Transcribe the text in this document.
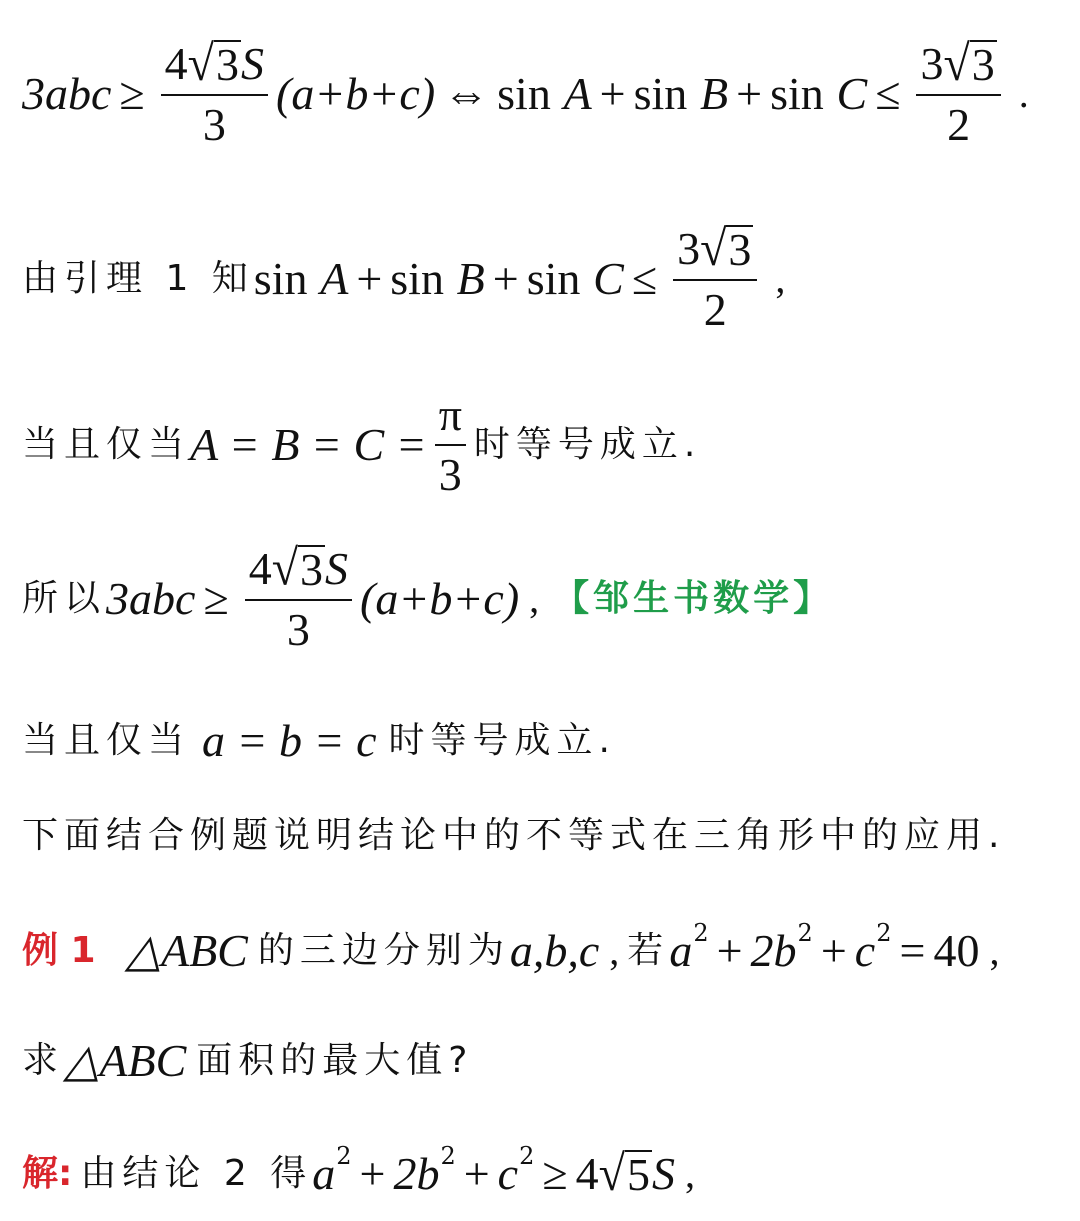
$3abc \ge \frac{4 √ 3 S}{3} (a+b+c)$ ⇔ sin
A + sin
B + sin
$C \le \frac{3 √ 3}{2}$ .
由引理 1 知 sin
A + sin
B + sin
$C \le \frac{3 √ 3}{2}$ ,
当且仅当 $A = B = C = \frac{\pi}{3}$ 时等号成立.
所以 $3abc \ge \frac{4 √ 3 S}{3} (a+b+c)$ , 【邹生书数学】
当且仅当 a = b = c 时等号成立.
下面结合例题说明结论中的不等式在三角形中的应用.
例 1 △ABC 的三边分别为 a,b,c , 若 a 2 + 2b 2 + c 2 = 40 ,
求 △ABC 面积的最大值?
解: 由结论 2 得 a 2 + 2b 2 + c 2 ≥ 4 √ 5 S ,
